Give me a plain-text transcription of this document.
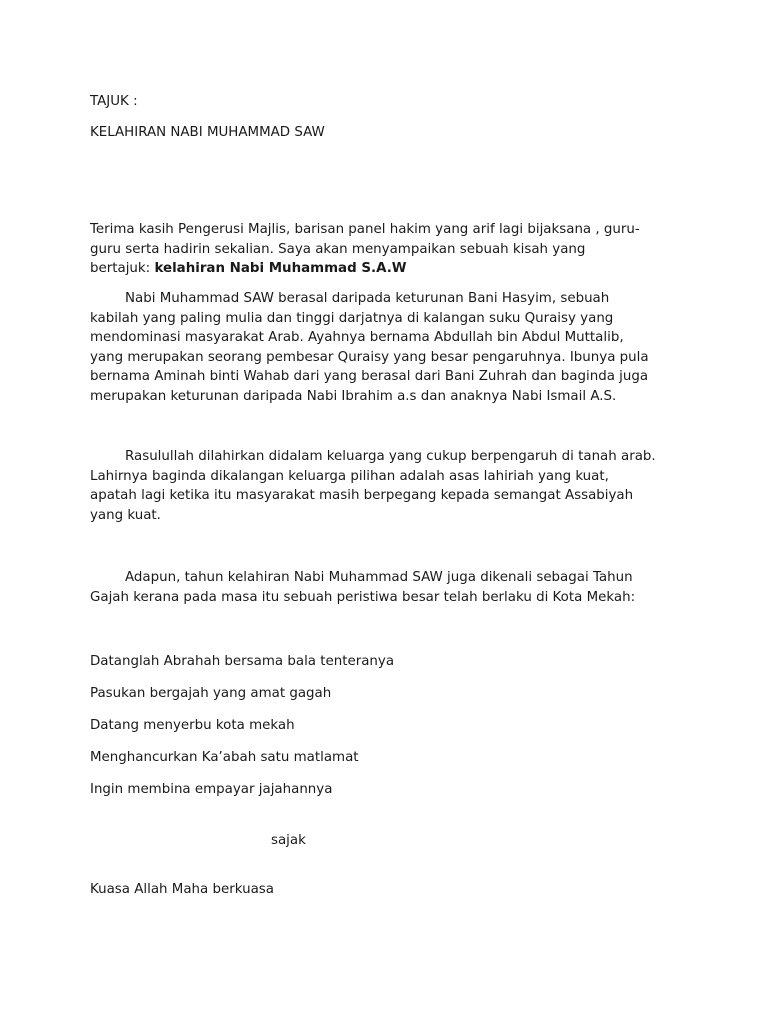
TAJUK :

KELAHIRAN NABI MUHAMMAD SAW

Terima kasih Pengerusi Majlis, barisan panel hakim yang arif lagi bijaksana , guru-
guru serta hadirin sekalian. Saya akan menyampaikan sebuah kisah yang
bertajuk: kelahiran Nabi Muhammad S.A.W

Nabi Muhammad SAW berasal daripada keturunan Bani Hasyim, sebuah
kabilah yang paling mulia dan tinggi darjatnya di kalangan suku Quraisy yang
mendominasi masyarakat Arab. Ayahnya bernama Abdullah bin Abdul Muttalib,
yang merupakan seorang pembesar Quraisy yang besar pengaruhnya. Ibunya pula
bernama Aminah binti Wahab dari yang berasal dari Bani Zuhrah dan baginda juga
merupakan keturunan daripada Nabi Ibrahim a.s dan anaknya Nabi Ismail A.S.

Rasulullah dilahirkan didalam keluarga yang cukup berpengaruh di tanah arab.
Lahirnya baginda dikalangan keluarga pilihan adalah asas lahiriah yang kuat,
apatah lagi ketika itu masyarakat masih berpegang kepada semangat Assabiyah
yang kuat.

Adapun, tahun kelahiran Nabi Muhammad SAW juga dikenali sebagai Tahun
Gajah kerana pada masa itu sebuah peristiwa besar telah berlaku di Kota Mekah:

Datanglah Abrahah bersama bala tenteranya

Pasukan bergajah yang amat gagah

Datang menyerbu kota mekah

Menghancurkan Ka’abah satu matlamat

Ingin membina empayar jajahannya

sajak

Kuasa Allah Maha berkuasa
